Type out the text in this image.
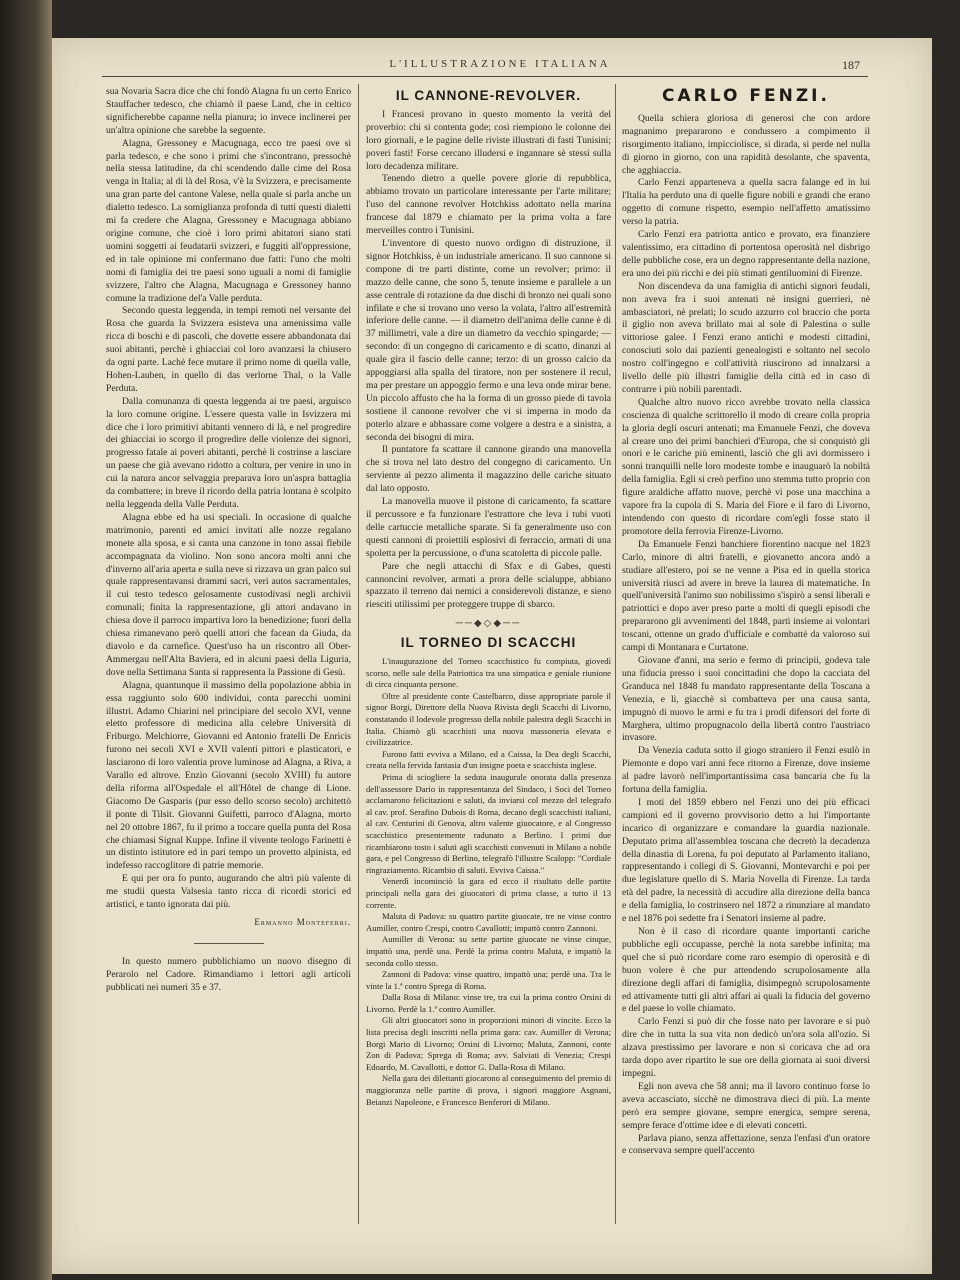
L'ILLUSTRAZIONE ITALIANA	187

sua Novaria Sacra dice che chi fondò Alagna fu un certo Enrico Stauffacher tedesco, che chiamò il paese Land, che in celtico significherebbe capanne nella pianura; io invece inclinerei per un'altra opinione che sarebbe la seguente.

Alagna, Gressoney e Macugnaga, ecco tre paesi ove si parla tedesco, e che sono i primi che s'incontrano, pressochè nella stessa latitudine, da chi scendendo dalle cime del Rosa venga in Italia; al di là del Rosa, v'è la Svizzera, e precisamente una gran parte del cantone Valese, nella quale si parla anche un dialetto tedesco. La somiglianza profonda di tutti questi dialetti mi fa credere che Alagna, Gressoney e Macugnaga abbiano origine comune, che cioè i loro primi abitatori siano stati uomini soggetti ai feudatarii svizzeri, e fuggiti all'oppressione, ed in tale opinione mi confermano due fatti: l'uno che molti nomi di famiglia dei tre paesi sono uguali a nomi di famiglie svizzere, l'altro che Alagna, Macugnaga e Gressoney hanno comune la tradizione del'a Valle perduta.

Secondo questa leggenda, in tempi remoti nel versante del Rosa che guarda la Svizzera esisteva una amenissima valle ricca di boschi e di pascoli, che dovette essere abbandonata dai suoi abitanti, perchè i ghiacciai col loro avanzarsi la chiusero da ogni parte. Lachè fece mutare il primo nome di quella valle, Hohen-Lauben, in quello di das verlorne Thal, o la Valle Perduta.

Dalla comunanza di questa leggenda ai tre paesi, arguisco la loro comune origine. L'essere questa valle in Isvizzera mi dice che i loro primitivi abitanti vennero di là, e nel progredire dei ghiacciai io scorgo il progredire delle violenze dei signori, progresso fatale ai poveri abitanti, perchè li costrinse a lasciare un paese che già avevano ridotto a coltura, per venire in uno in cui la natura ancor selvaggia preparava loro un'aspra battaglia da combattere; in breve il ricordo della patria lontana è scolpito nella leggenda della Valle Perduta.

Alagna ebbe ed ha usi speciali. In occasione di qualche matrimonio, parenti ed amici invitati alle nozze regalano monete alla sposa, e si canta una canzone in tono assai flebile accompagnata da violino. Non sono ancora molti anni che d'inverno all'aria aperta e sulla neve si rizzava un gran palco sul quale rappresentavansi drammi sacri, veri autos sacramentales, il cui testo tedesco gelosamente custodivasi negli archivii comunali; finita la rappresentazione, gli attori andavano in chiesa dove il parroco impartiva loro la benedizione; fuori della chiesa rimanevano però quelli attori che facean da Giuda, da diavolo e da carnefice. Quest'uso ha un riscontro all Ober-Ammergau nell'Alta Baviera, ed in alcuni paesi della Liguria, dove nella Settimana Santa si rappresenta la Passione di Gesù.

Alagna, quantunque il massimo della popolazione abbia in essa raggiunto solo 600 individui, conta parecchi uomini illustri. Adamo Chiarini nel principiare del secolo XVI, venne eletto professore di medicina alla celebre Università di Friburgo. Melchiorre, Giovanni ed Antonio fratelli De Enricis furono nei secoli XVI e XVII valenti pittori e plasticatori, e lasciarono di loro valentia prove luminose ad Alagna, a Riva, a Varallo ed altrove. Enzio Giovanni (secolo XVIII) fu autore della riforma all'Ospedale el all'Hôtel de change di Lione. Giacomo De Gasparis (pur esso dello scorso secolo) architettò il ponte di Tilsit. Giovanni Guifetti, parroco d'Alagna, morto nel 20 ottobre 1867, fu il primo a toccare quella punta del Rosa che chiamasi Signal Kuppe. Infine il vivente teologo Farinetti è un distinto istitutore ed in pari tempo un provetto alpinista, ed indefesso raccoglitore di patrie memorie.

E qui per ora fo punto, augurando che altri più valente di me studii questa Valsesia tanto ricca di ricordi storici ed artistici, e tanto ignorata dai più.

Ermanno Monteferri.

In questo numero pubblichiamo un nuovo disegno di Perarolo nel Cadore. Rimandiamo i lettori agli articoli pubblicati nei numeri 35 e 37.

IL CANNONE-REVOLVER.

I Francesi provano in questo momento la verità del proverbio: chi si contenta gode; così riempiono le colonne dei loro giornali, e le pagine delle riviste illustrati di fasti Tunisini; poveri fasti! Forse cercano illudersi e ingannare sè stessi sulla loro decadenza militare.

Tenendo dietro a quelle povere glorie di repubblica, abbiamo trovato un particolare interessante per l'arte militare; l'uso del cannone revolver Hotchkiss adottato nella marina francese dal 1879 e chiamato per la prima volta a fare merveilles contro i Tunisini.

L'inventore di questo nuovo ordigno di distruzione, il signor Hotchkiss, è un industriale americano. Il suo cannone si compone di tre parti distinte, come un revolver; primo: il mazzo delle canne, che sono 5, tenute insieme e parallele a un asse centrale di rotazione da due dischi di bronzo nei quali sono infilate e che si trovano uno verso la volata, l'altro all'estremità inferiore delle canne. — il diametro dell'anima delle canne è di 37 millimetri, vale a dire un diametro da vecchio spingarde; — secondo: di un congegno di caricamento e di scatto, dinanzi al quale gira il fascio delle canne; terzo: di un grosso calcio da appoggiarsi alla spalla del tiratore, non per sostenere il recul, ma per prestare un appoggio fermo e una leva onde mirar bene. Un piccolo affusto che ha la forma di un grosso piede di tavola sostiene il cannone revolver che vi si imperna in modo da poterlo alzare e abbassare come volgere a destra e a sinistra, a seconda dei bisogni di mira.

Il puntatore fa scattare il cannone girando una manovella che si trova nel lato destro del congegno di caricamento. Un serviente al pezzo alimenta il magazzino delle cariche situato dal lato opposto.

La manovella muove il pistone di caricamento, fa scattare il percussore e fa funzionare l'estrattore che leva i tubi vuoti delle cartuccie metalliche sparate. Si fa generalmente uso con questi cannoni di proiettili esplosivi di ferraccio, armati di una spoletta per la percussione, o d'una scatoletta di piccole palle.

Pare che negli attacchi di Sfax e di Gabes, questi cannoncini revolver, armati a prora delle scialuppe, abbiano spazzato il terreno dai nemici a considerevoli distanze, e sieno riesciti utilissimi per proteggere truppe di sbarco.

──◆◇◆──
IL TORNEO DI SCACCHI

L'inaugurazione del Torneo scacchistico fu compiuta, giovedì scorso, nelle sale della Patriottica tra una simpatica e geniale riunione di circa cinquanta persone.

Oltre al presidente conte Castelbarco, disse appropriate parole il signor Borgi, Direttore della Nuova Rivista degli Scacchi di Livorno, constatando il lodevole progresso della nobile palestra degli Scacchi in Italia. Chiamò gli scacchisti una nuova massoneria elevata e civilizzatrice.

Furono fatti evviva a Milano, ed a Caissa, la Dea degli Scacchi, creata nella fervida fantasia d'un insigne poeta e scacchista inglese.

Prima di sciogliere la seduta inaugurale onorata dalla presenza dell'assessore Dario in rappresentanza del Sindaco, i Soci del Torneo acclamarono felicitazioni e saluti, da inviarsi col mezzo del telegrafo al cav. prof. Serafino Dubois di Roma, decano degli scacchisti italiani, al cav. Centurini di Genova, altro valente giuocatore, e al Congresso scacchistico presentemente radunato a Berlino. I primi due ricambiarono tosto i saluti agli scacchisti convenuti in Milano a nobile gara, e pel Congresso di Berlino, telegrafò l'illustre Scalopp: "Cordiale ringraziamento. Ricambio di saluti. Evviva Caissa."

Venerdì incominciò la gara ed ecco il risultato delle partite principali nella gara dei giuocatori di prima classe, a tutto il 13 corrente.

Maluta di Padova: su quattro partite giuocate, tre ne vinse contro Aumiller, contro Crespi, contro Cavallotti; impattò contro Zannoni.

Aumiller di Verona: su sette partite giuocate ne vinse cinque, impattò una, perdè una. Perdè la prima contro Maluta, e impattò la seconda collo stesso.

Zannoni di Padova: vinse quattro, impattò una; perdè una. Tra le vinte la 1.ª contro Sprega di Roma.

Dalla Rosa di Milano: vinse tre, tra cui la prima contro Orsini di Livorno. Perdè la 1.ª contro Aumiller.

Gli altri giuocatori sono in proporzioni minori di vincite. Ecco la lista precisa degli inscritti nella prima gara: cav. Aumiller di Verona; Borgi Mario di Livorno; Orsini di Livorno; Maluta, Zannoni, conte Zon di Padova; Sprega di Roma; avv. Salviati di Venezia; Crespi Edoardo, M. Cavallotti, e dottor G. Dalla-Rosa di Milano.

Nella gara dei dilettanti giocarono al conseguimento del premio di maggioranza nelle partite di prova, i signori maggiore Asgnani, Beianzi Napoleone, e Francesco Benferori di Milano.

CARLO FENZI.

Quella schiera gloriosa di generosi che con ardore magnanimo prepararono e condussero a compimento il risorgimento italiano, impicciolisce, si dirada, si perde nel nulla di giorno in giorno, con una rapidità desolante, che spaventa, che agghiaccia.

Carlo Fenzi apparteneva a quella sacra falange ed in lui l'Italia ha perduto una di quelle figure nobili e grandi che erano oggetto di comune rispetto, esempio nell'affetto amatissimo verso la patria.

Carlo Fenzi era patriotta antico e provato, era finanziere valentissimo, era cittadino di portentosa operosità nel disbrigo delle pubbliche cose, era un degno rappresentante della nazione, era uno dei più ricchi e dei più stimati gentiluomini di Firenze.

Non discendeva da una famiglia di antichi signori feudali, non aveva fra i suoi antenati nè insigni guerrieri, nè ambasciatori, nè prelati; lo scudo azzurro col braccio che porta il giglio non aveva brillato mai al sole di Palestina o sulle vittoriose galee. I Fenzi erano antichi e modesti cittadini, conosciuti solo dai pazienti genealogisti e soltanto nel secolo nostro coll'ingegno e coll'attività riuscirono ad innalzarsi a livello delle più illustri famiglie della città ed in caso di contrarre i più nobili parentadi.

Qualche altro nuovo ricco avrebbe trovato nella classica coscienza di qualche scrittorello il modo di creare colla propria la gloria degli oscuri antenati; ma Emanuele Fenzi, che doveva al creare uno dei primi banchieri d'Europa, che si conquistò gli onori e le cariche più eminenti, lasciò che gli avi dormissero i sonni tranquilli nelle loro modeste tombe e inauguarò la nobiltà della famiglia. Egli si creò perfino uno stemma tutto proprio con figure araldiche affatto nuove, perchè vi pose una macchina a vapore fra la cupola di S. Maria del Fiore e il faro di Livorno, intendendo con questo di ricordare com'egli fosse stato il promotore della ferrovia Firenze-Livorno.

Da Emanuele Fenzi banchiere fiorentino nacque nel 1823 Carlo, minore di altri fratelli, e giovanetto ancora andò a studiare all'estero, poi se ne venne a Pisa ed in quella storica università riuscì ad avere in breve la laurea di matematiche. In quell'università l'animo suo nobilissimo s'ispirò a sensi liberali e patriottici e dopo aver preso parte a molti di quegli episodi che prepararono gli avvenimenti del 1848, partì insieme ai volontari toscani, ottenne un grado d'ufficiale e combattè da valoroso sui campi di Montanara e Curtatone.

Giovane d'anni, ma serio e fermo di principii, godeva tale una fiducia presso i suoi concittadini che dopo la cacciata del Granduca nel 1848 fu mandato rappresentante della Toscana a Venezia, e lì, giacchè si combatteva per una causa santa, impugnò di nuovo le armi e fu tra i prodi difensori del forte di Marghera, ultimo propugnacolo della libertà contro l'austriaco invasore.

Da Venezia caduta sotto il giogo straniero il Fenzi esulò in Piemonte e dopo vari anni fece ritorno a Firenze, dove insieme al padre lavorò nell'importantissima casa bancaria che fu la fortuna della famiglia.

I moti del 1859 ebbero nel Fenzi uno dei più efficaci campioni ed il governo provvisorio detto a lui l'importante incarico di organizzare e comandare la guardia nazionale. Deputato prima all'assemblea toscana che decretò la decadenza della dinastia di Lorena, fu poi deputato al Parlamento italiano, rappresentando i collegi di S. Giovanni, Montevarchi e poi per due legislature quello di S. Maria Novella di Firenze. La tarda età del padre, la necessità di accudire alla direzione della banca e della famiglia, lo costrinsero nel 1872 a rinunziare al mandato e nel 1876 poi sedette fra i Senatori insieme al padre.

Non è il caso di ricordare quante importanti cariche pubbliche egli occupasse, perchè la nota sarebbe infinita; ma quel che si può ricordare come raro esempio di operosità e di buon volere è che pur attendendo scrupolosamente alla direzione degli affari di famiglia, disimpegnò scrupolosamente ed attivamente tutti gli altri affari ai quali la fiducia del governo e del paese lo volle chiamato.

Carlo Fenzi si può dir che fosse nato per lavorare e si può dire che in tutta la sua vita non dedicò un'ora sola all'ozio. Si alzava prestissimo per lavorare e non si coricava che ad ora tarda dopo aver ripartito le sue ore della giornata ai suoi diversi impegni.

Egli non aveva che 58 anni; ma il lavoro continuo forse lo aveva accasciato, sicchè ne dimostrava dieci di più. La mente però era sempre giovane, sempre energica, sempre serena, sempre ferace d'ottime idee e di elevati concetti.

Parlava piano, senza affettazione, senza l'enfasi d'un oratore e conservava sempre quell'accento
